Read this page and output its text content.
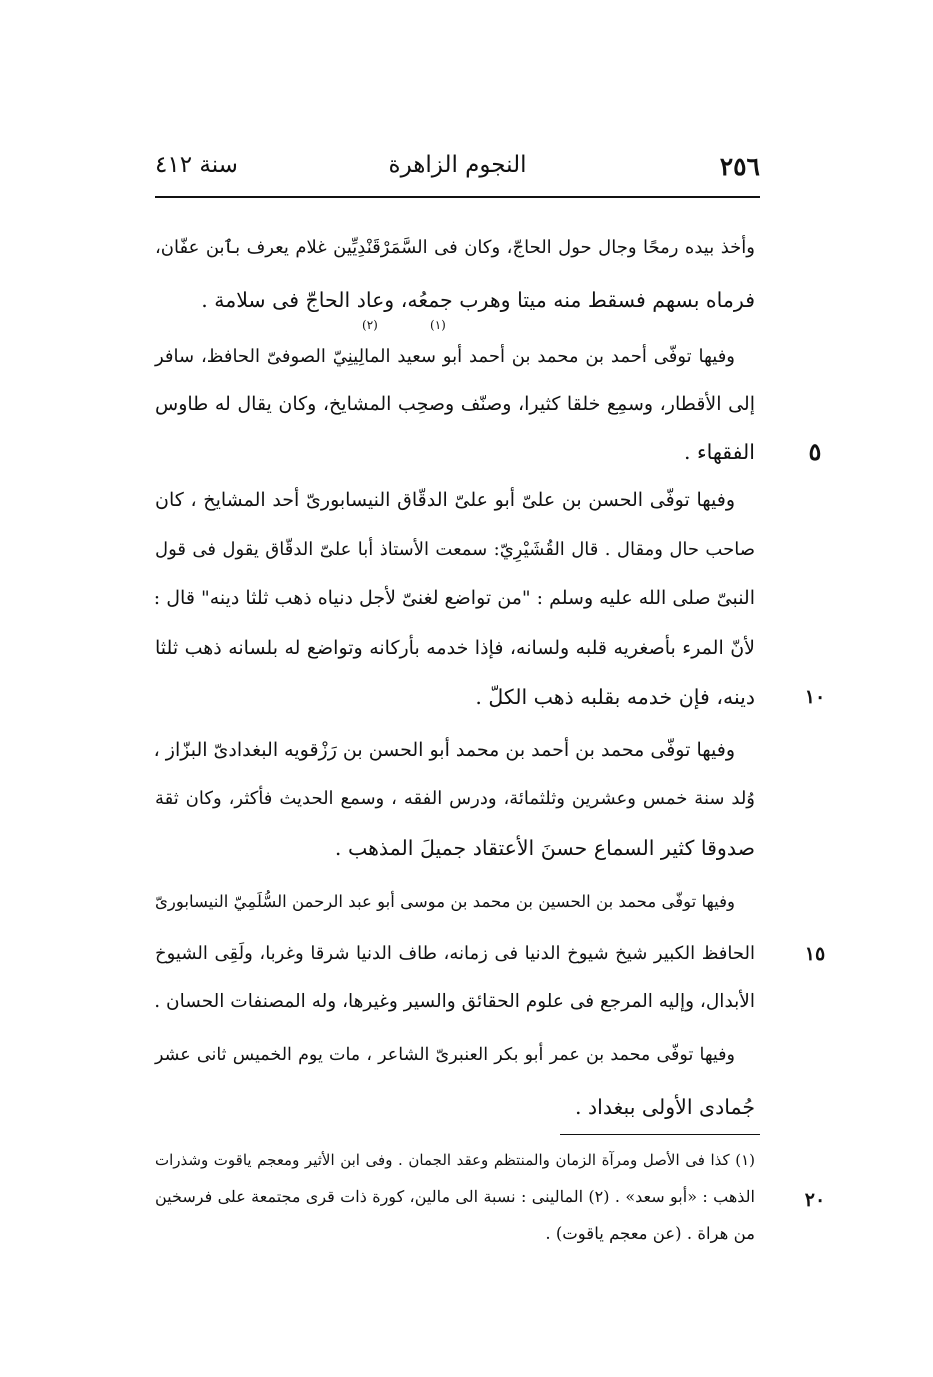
٢٥٦
النجوم الزاهرة
سنة ٤١٢
(٢)	(١)
وأخذ بيده رمحًا وجال حول الحاجّ، وكان فى السَّمَرْقَنْدِيِّين غلام يعرف بٱبن عفّان،
فرماه بسهم فسقط منه ميتا وهرب جمعُه، وعاد الحاجّ فى سلامة .
وفيها توفّى أحمد بن محمد بن أحمد أبو سعيد المالِينِيّ الصوفىّ الحافظ، سافر
إلى الأقطار، وسمِع خلقا كثيرا، وصنّف وصحِب المشايخ، وكان يقال له طاوس
الفقهاء .
وفيها توفّى الحسن بن علىّ أبو علىّ الدقّاق النيسابورىّ أحد المشايخ ، كان
صاحب حال ومقال . قال القُشَيْرِيّ: سمعت الأستاذ أبا علىّ الدقّاق يقول فى قول
النبىّ صلى الله عليه وسلم : "من تواضع لغنىّ لأجل دنياه ذهب ثلثا دينه" قال :
لأنّ المرء بأصغريه قلبه ولسانه، فإذا خدمه بأركانه وتواضع له بلسانه ذهب ثلثا
دينه، فإن خدمه بقلبه ذهب الكلّ .
وفيها توفّى محمد بن أحمد بن محمد أبو الحسن بن رَزْقويه البغدادىّ البزّاز ،
وُلد سنة خمس وعشرين وثلثمائة، ودرس الفقه ، وسمع الحديث فأكثر، وكان ثقة
صدوقا كثير السماع حسنَ الأعتقاد جميلَ المذهب .
وفيها توفّى محمد بن الحسين بن محمد بن موسى أبو عبد الرحمن السُّلَمِيّ النيسابورىّ
الحافظ الكبير شيخ شيوخ الدنيا فى زمانه، طاف الدنيا شرقا وغربا، ولَقِى الشيوخ
الأبدال، وإليه المرجع فى علوم الحقائق والسير وغيرها، وله المصنفات الحسان .
وفيها توفّى محمد بن عمر أبو بكر العنبرىّ الشاعر ، مات يوم الخميس ثانى عشر
جُمادى الأولى ببغداد .
٥
١٠
١٥
٢٠
(١) كذا فى الأصل ومرآة الزمان والمنتظم وعقد الجمان . وفى ابن الأثير ومعجم ياقوت وشذرات
الذهب : «أبو سعد» . (٢) المالينى : نسبة الى مالين، كورة ذات قرى مجتمعة على فرسخين
من هراة . (عن معجم ياقوت) .
